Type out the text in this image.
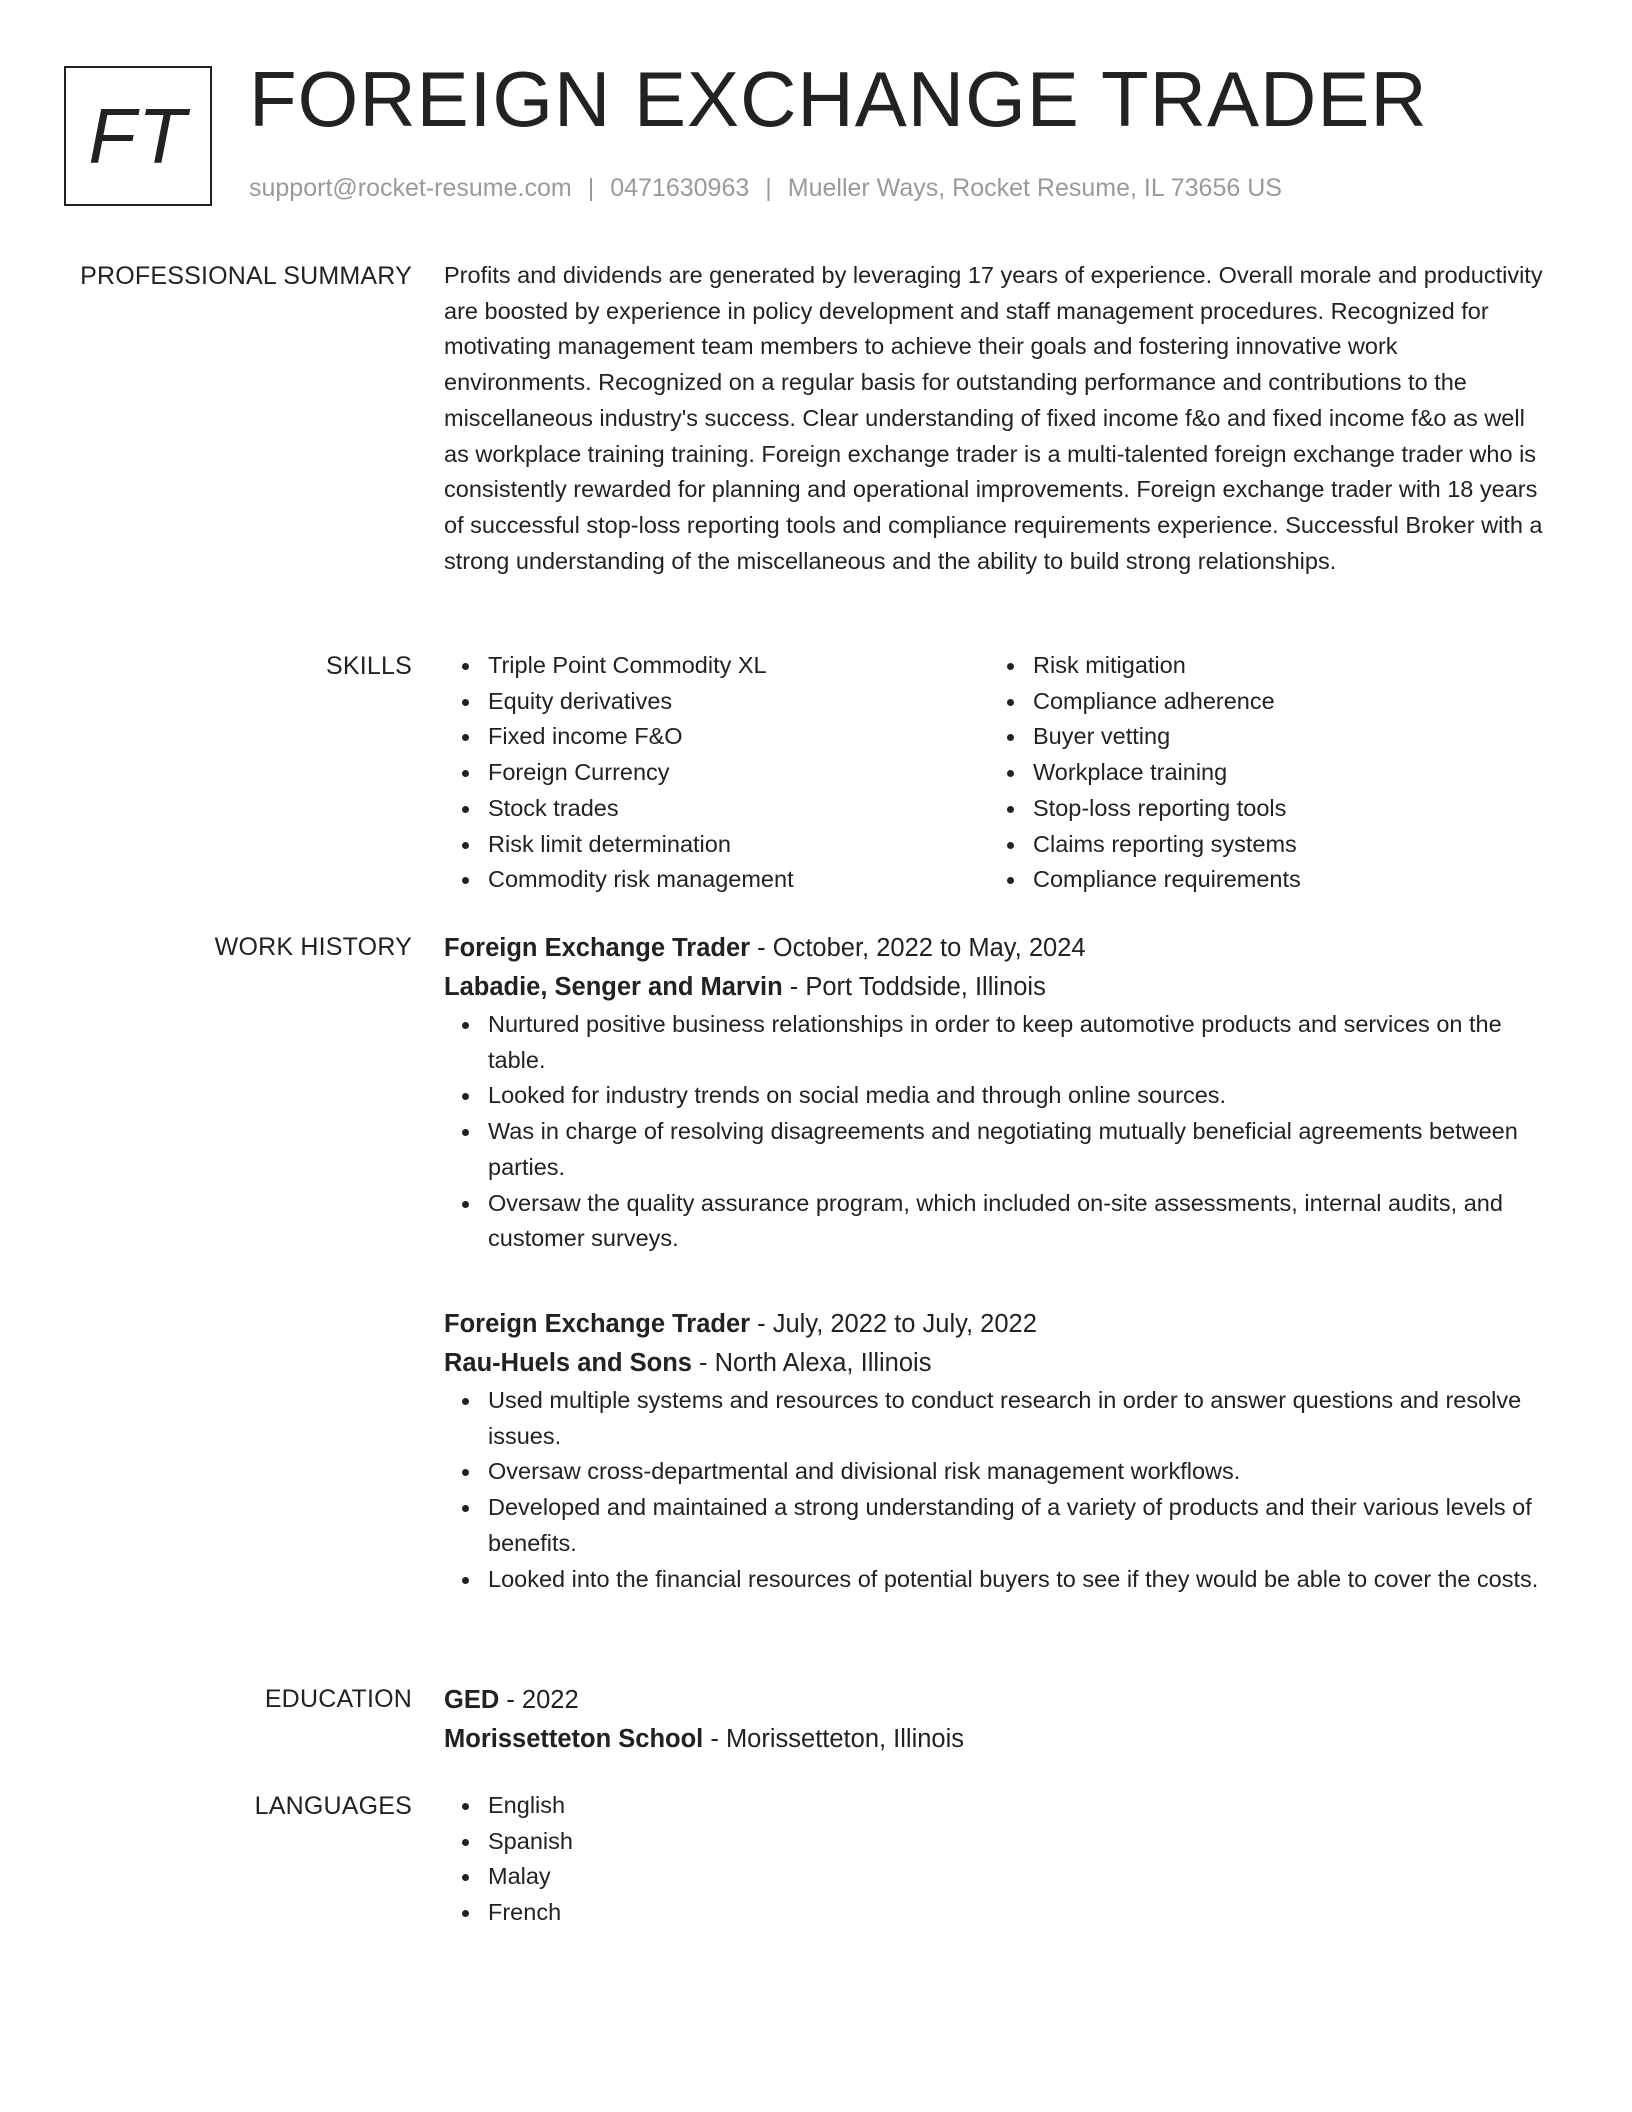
FT FOREIGN EXCHANGE TRADER
support@rocket-resume.com | 0471630963 | Mueller Ways, Rocket Resume, IL 73656 US
PROFESSIONAL SUMMARY Profits and dividends are generated by leveraging 17 years of experience. Overall morale and productivity are boosted by experience in policy development and staff management procedures. Recognized for motivating management team members to achieve their goals and fostering innovative work environments. Recognized on a regular basis for outstanding performance and contributions to the miscellaneous industry's success. Clear understanding of fixed income f&o and fixed income f&o as well as workplace training training. Foreign exchange trader is a multi-talented foreign exchange trader who is consistently rewarded for planning and operational improvements. Foreign exchange trader with 18 years of successful stop-loss reporting tools and compliance requirements experience. Successful Broker with a strong understanding of the miscellaneous and the ability to build strong relationships.

SKILLS	Triple Point Commodity XL
Equity derivatives
Fixed income F&O
Foreign Currency
Stock trades
Risk limit determination
Commodity risk management
Risk mitigation
Compliance adherence
Buyer vetting
Workplace training
Stop-loss reporting tools
Claims reporting systems
Compliance requirements
WORK HISTORY Foreign Exchange Trader - October, 2022 to May, 2024
Labadie, Senger and Marvin - Port Toddside, Illinois
Nurtured positive business relationships in order to keep automotive products and services on the table.
Looked for industry trends on social media and through online sources.
Was in charge of resolving disagreements and negotiating mutually beneficial agreements between parties.
Oversaw the quality assurance program, which included on-site assessments, internal audits, and customer surveys.
Foreign Exchange Trader - July, 2022 to July, 2022
Rau-Huels and Sons - North Alexa, Illinois
Used multiple systems and resources to conduct research in order to answer questions and resolve issues.
Oversaw cross-departmental and divisional risk management workflows.
Developed and maintained a strong understanding of a variety of products and their various levels of benefits.
Looked into the financial resources of potential buyers to see if they would be able to cover the costs.
EDUCATION GED - 2022
Morissetteton School - Morissetteton, Illinois
LANGUAGES	English
Spanish
Malay
French
